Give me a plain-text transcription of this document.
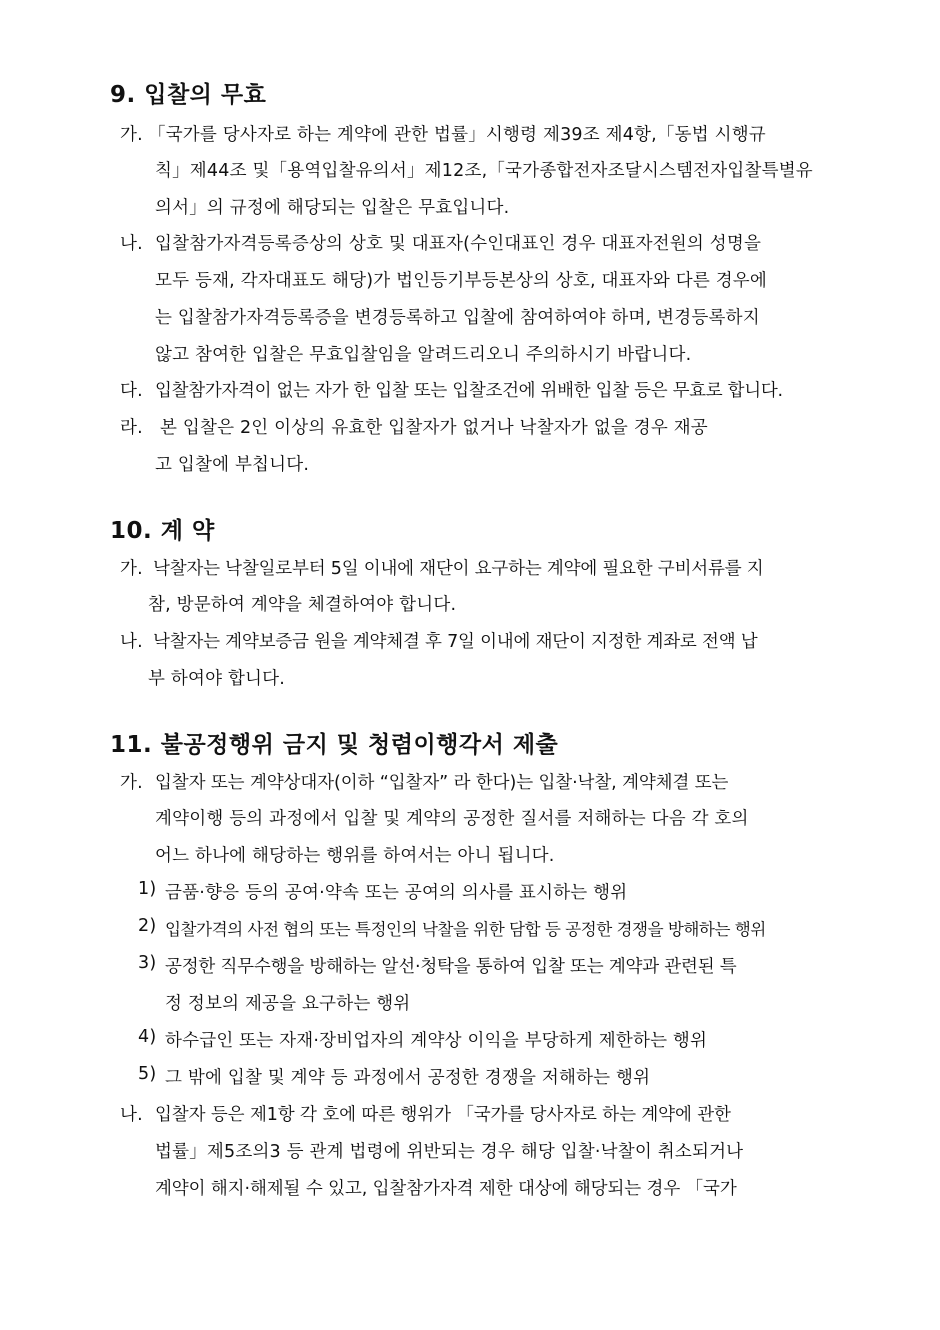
9. 입찰의 무효
가. 「국가를 당사자로 하는 계약에 관한 법률」시행령 제39조 제4항,「동법 시행규
칙」제44조 및「용역입찰유의서」제12조,「국가종합전자조달시스템전자입찰특별유
의서」의 규정에 해당되는 입찰은 무효입니다.
나. 입찰참가자격등록증상의 상호 및 대표자(수인대표인 경우 대표자전원의 성명을
모두 등재, 각자대표도 해당)가 법인등기부등본상의 상호, 대표자와 다른 경우에
는 입찰참가자격등록증을 변경등록하고 입찰에 참여하여야 하며, 변경등록하지
않고 참여한 입찰은 무효입찰임을 알려드리오니 주의하시기 바랍니다.
다. 입찰참가자격이 없는 자가 한 입찰 또는 입찰조건에 위배한 입찰 등은 무효로 합니다.
라. 본 입찰은 2인 이상의 유효한 입찰자가 없거나 낙찰자가 없을 경우 재공
고 입찰에 부칩니다.
10. 계 약
가. 낙찰자는 낙찰일로부터 5일 이내에 재단이 요구하는 계약에 필요한 구비서류를 지
참, 방문하여 계약을 체결하여야 합니다.
나. 낙찰자는 계약보증금 원을 계약체결 후 7일 이내에 재단이 지정한 계좌로 전액 납
부 하여야 합니다.
11. 불공정행위 금지 및 청렴이행각서 제출
가. 입찰자 또는 계약상대자(이하 “입찰자” 라 한다)는 입찰·낙찰, 계약체결 또는
계약이행 등의 과정에서 입찰 및 계약의 공정한 질서를 저해하는 다음 각 호의
어느 하나에 해당하는 행위를 하여서는 아니 됩니다.
1) 금품·향응 등의 공여·약속 또는 공여의 의사를 표시하는 행위
2) 입찰가격의 사전 협의 또는 특정인의 낙찰을 위한 담합 등 공정한 경쟁을 방해하는 행위
3) 공정한 직무수행을 방해하는 알선·청탁을 통하여 입찰 또는 계약과 관련된 특
정 정보의 제공을 요구하는 행위
4) 하수급인 또는 자재·장비업자의 계약상 이익을 부당하게 제한하는 행위
5) 그 밖에 입찰 및 계약 등 과정에서 공정한 경쟁을 저해하는 행위
나. 입찰자 등은 제1항 각 호에 따른 행위가 「국가를 당사자로 하는 계약에 관한
법률」제5조의3 등 관계 법령에 위반되는 경우 해당 입찰·낙찰이 취소되거나
계약이 해지·해제될 수 있고, 입찰참가자격 제한 대상에 해당되는 경우 「국가
